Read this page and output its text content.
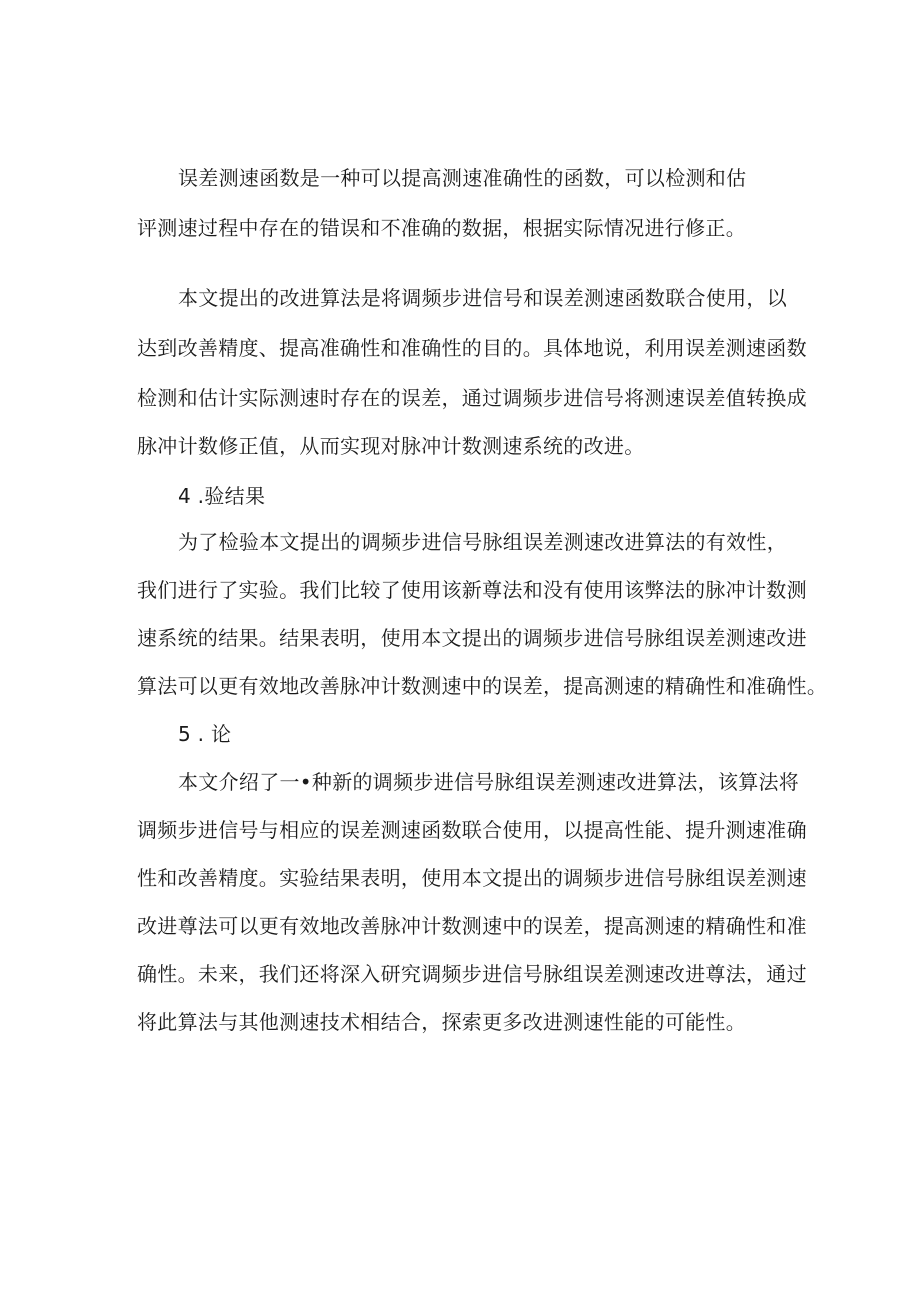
误差测速函数是一种可以提高测速准确性的函数，可以检测和估
评测速过程中存在的错误和不准确的数据，根据实际情况进行修正。
本文提出的改进算法是将调频步进信号和误差测速函数联合使用，以
达到改善精度、提高准确性和准确性的目的。具体地说，利用误差测速函数
检测和估计实际测速时存在的误差，通过调频步进信号将测速误差值转换成
脉冲计数修正值，从而实现对脉冲计数测速系统的改进。
4 .验结果
为了检验本文提出的调频步进信号脉组误差测速改进算法的有效性，
我们进行了实验。我们比较了使用该新尊法和没有使用该弊法的脉冲计数测
速系统的结果。结果表明，使用本文提出的调频步进信号脉组误差测速改进
算法可以更有效地改善脉冲计数测速中的误差，提高测速的精确性和准确性。
5 . 论
本文介绍了一•种新的调频步进信号脉组误差测速改进算法，该算法将
调频步进信号与相应的误差测速函数联合使用，以提高性能、提升测速准确
性和改善精度。实验结果表明，使用本文提出的调频步进信号脉组误差测速
改进尊法可以更有效地改善脉冲计数测速中的误差，提高测速的精确性和准
确性。未来，我们还将深入研究调频步进信号脉组误差测速改进尊法，通过
将此算法与其他测速技术相结合，探索更多改进测速性能的可能性。
